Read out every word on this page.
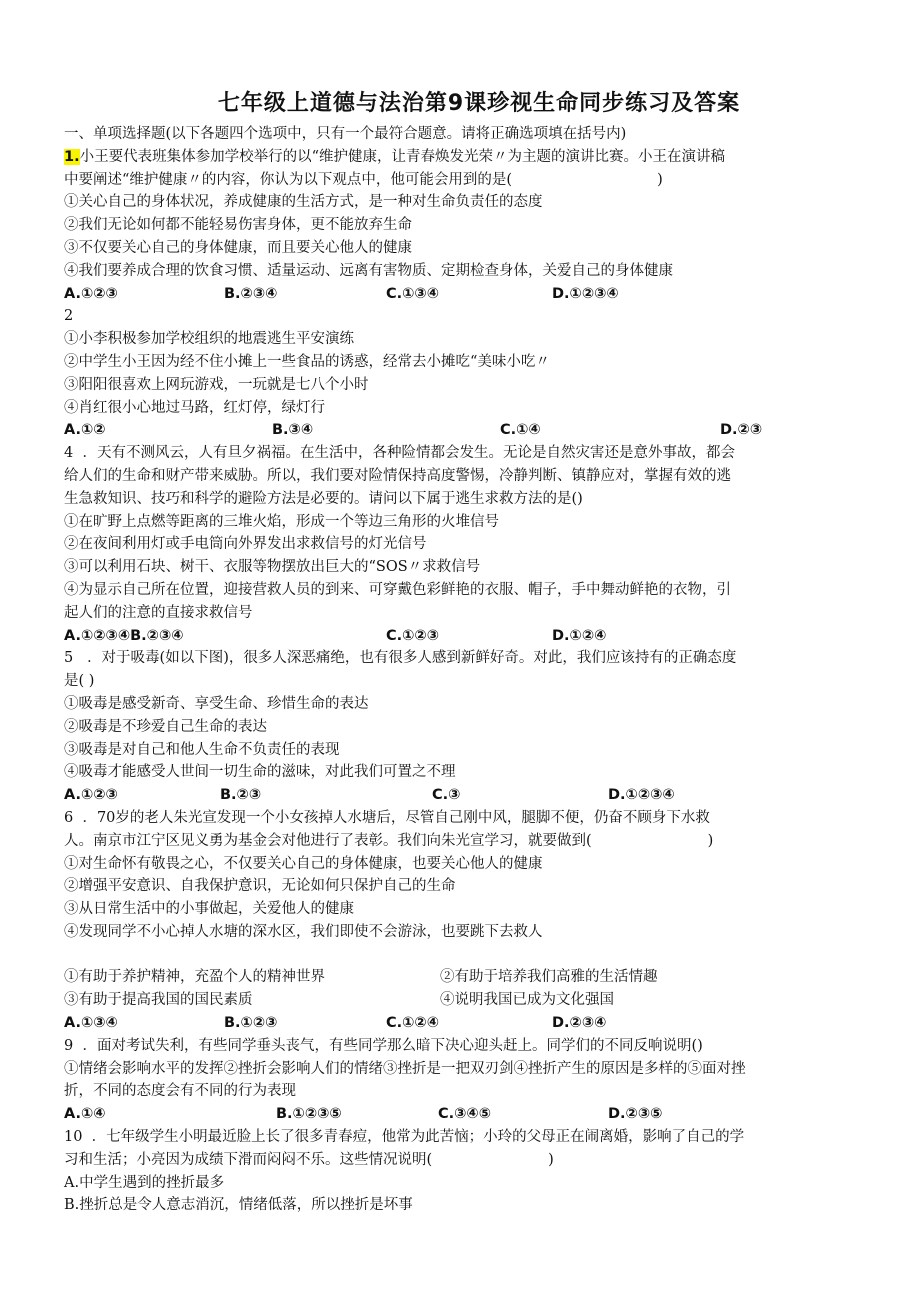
七年级上道德与法治第9课珍视生命同步练习及答案
一、单项选择题(以下各题四个选项中，只有一个最符合题意。请将正确选项填在括号内)
1.小王要代表班集体参加学校举行的以“维护健康，让青春焕发光荣〃为主题的演讲比赛。小王在演讲稿
中要阐述“维护健康〃的内容，你认为以下观点中，他可能会用到的是(　　　　　　　　　　)
①关心自己的身体状况，养成健康的生活方式，是一种对生命负责任的态度
②我们无论如何都不能轻易伤害身体，更不能放弃生命
③不仅要关心自己的身体健康，而且要关心他人的健康
④我们要养成合理的饮食习惯、适量运动、远离有害物质、定期检查身体，关爱自己的身体健康
A.①②③	B.②③④	C.①③④	D.①②③④
2
①小李积极参加学校组织的地震逃生平安演练
②中学生小王因为经不住小摊上一些食品的诱惑，经常去小摊吃“美味小吃〃
③阳阳很喜欢上网玩游戏，一玩就是七八个小时
④肖红很小心地过马路，红灯停，绿灯行
A.①②	B.③④	C.①④	D.②③
4 ．天有不测风云，人有旦夕祸福。在生活中，各种险情都会发生。无论是自然灾害还是意外事故，都会
给人们的生命和财产带来威胁。所以，我们要对险情保持高度警惕，冷静判断、镇静应对，掌握有效的逃
生急救知识、技巧和科学的避险方法是必要的。请问以下属于逃生求救方法的是()
①在旷野上点燃等距离的三堆火焰，形成一个等边三角形的火堆信号
②在夜间利用灯或手电筒向外界发出求救信号的灯光信号
③可以利用石块、树干、衣服等物摆放出巨大的“SOS〃求救信号
④为显示自己所在位置，迎接营救人员的到来、可穿戴色彩鲜艳的衣服、帽子，手中舞动鲜艳的衣物，引
起人们的注意的直接求救信号
A.①②③④B.②③④	C.①②③	D.①②④
5 ．对于吸毒(如以下图)，很多人深恶痛绝，也有很多人感到新鲜好奇。对此，我们应该持有的正确态度
是( )
①吸毒是感受新奇、享受生命、珍惜生命的表达
②吸毒是不珍爱自己生命的表达
③吸毒是对自己和他人生命不负责任的表现
④吸毒才能感受人世间一切生命的滋味，对此我们可置之不理
A.①②③	B.②③	C.③	D.①②③④
6 ．70岁的老人朱光宣发现一个小女孩掉人水塘后，尽管自己刚中风，腿脚不便，仍奋不顾身下水救
人。南京市江宁区见义勇为基金会对他进行了表彰。我们向朱光宣学习，就要做到(　　　　　　　　)
①对生命怀有敬畏之心，不仅要关心自己的身体健康，也要关心他人的健康
②增强平安意识、自我保护意识，无论如何只保护自己的生命
③从日常生活中的小事做起，关爱他人的健康
④发现同学不小心掉人水塘的深水区，我们即使不会游泳，也要跳下去救人
①有助于养护精神，充盈个人的精神世界	②有助于培养我们高雅的生活情趣
③有助于提高我国的国民素质	④说明我国已成为文化强国
A.①③④	B.①②③	C.①②④	D.②③④
9 ．面对考试失利，有些同学垂头丧气，有些同学那么暗下决心迎头赶上。同学们的不同反响说明()
①情绪会影响水平的发挥②挫折会影响人们的情绪③挫折是一把双刃剑④挫折产生的原因是多样的⑤面对挫
折，不同的态度会有不同的行为表现
A.①④	B.①②③⑤	C.③④⑤	D.②③⑤
10 ．七年级学生小明最近脸上长了很多青春痘，他常为此苦恼；小玲的父母正在闹离婚，影响了自己的学
习和生活；小亮因为成绩下滑而闷闷不乐。这些情况说明(　　　　　　　　)
A.中学生遇到的挫折最多
B.挫折总是令人意志消沉，情绪低落，所以挫折是坏事
